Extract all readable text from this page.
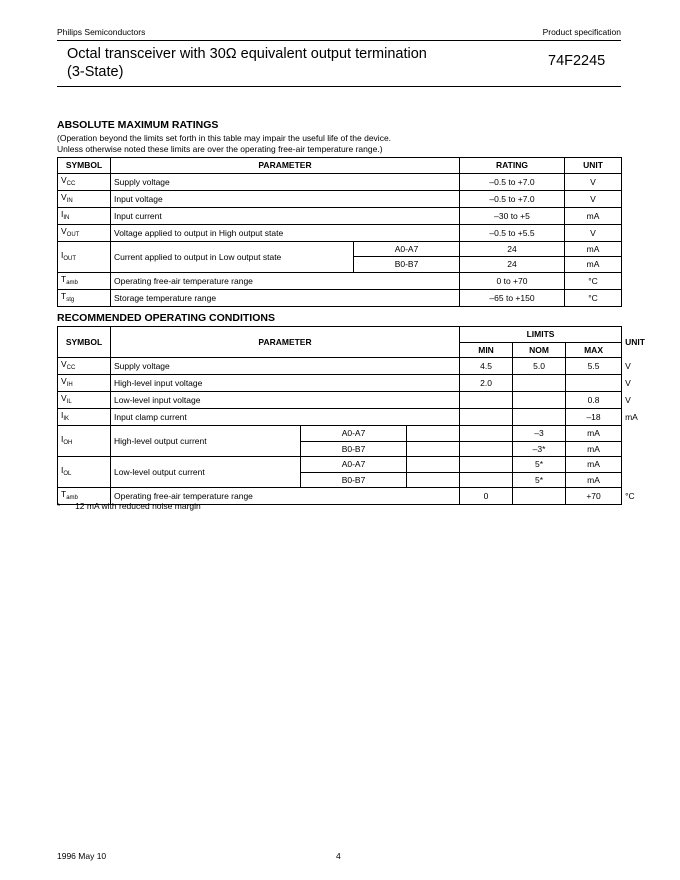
Philips Semiconductors	Product specification
Octal transceiver with 30Ω equivalent output termination
(3-State)
74F2245
ABSOLUTE MAXIMUM RATINGS
(Operation beyond the limits set forth in this table may impair the useful life of the device.
Unless otherwise noted these limits are over the operating free-air temperature range.)
SYMBOL	PARAMETER		RATING	UNIT
$V_{CC}$	Supply voltage		–0.5 to +7.0	V
$V_{IN}$	Input voltage		–0.5 to +7.0	V
$I_{IN}$	Input current		–30 to +5	mA
$V_{OUT}$	Voltage applied to output in High output state		–0.5 to +5.5	V
$I_{OUT}$	Current applied to output in Low output state	A0-A7	24	mA
		B0-B7	24	mA
$T_{amb}$	Operating free-air temperature range		0 to +70	°C
$T_{stg}$	Storage temperature range		–65 to +150	°C
RECOMMENDED OPERATING CONDITIONS
SYMBOL	PARAMETER			LIMITS			UNIT
				MIN	NOM	MAX	
$V_{CC}$	Supply voltage			4.5	5.0	5.5	V
$V_{IH}$	High-level input voltage			2.0			V
$V_{IL}$	Low-level input voltage					0.8	V
$I_{IK}$	Input clamp current					–18	mA
$I_{OH}$	High-level output current	A0-A7			–3	mA	
		B0-B7			–3*	mA	
$I_{OL}$	Low-level output current	A0-A7			5*	mA	
		B0-B7			5*	mA	
$T_{amb}$	Operating free-air temperature range			0		+70	°C
* 12 mA with reduced noise margin
1996 May 10	4
